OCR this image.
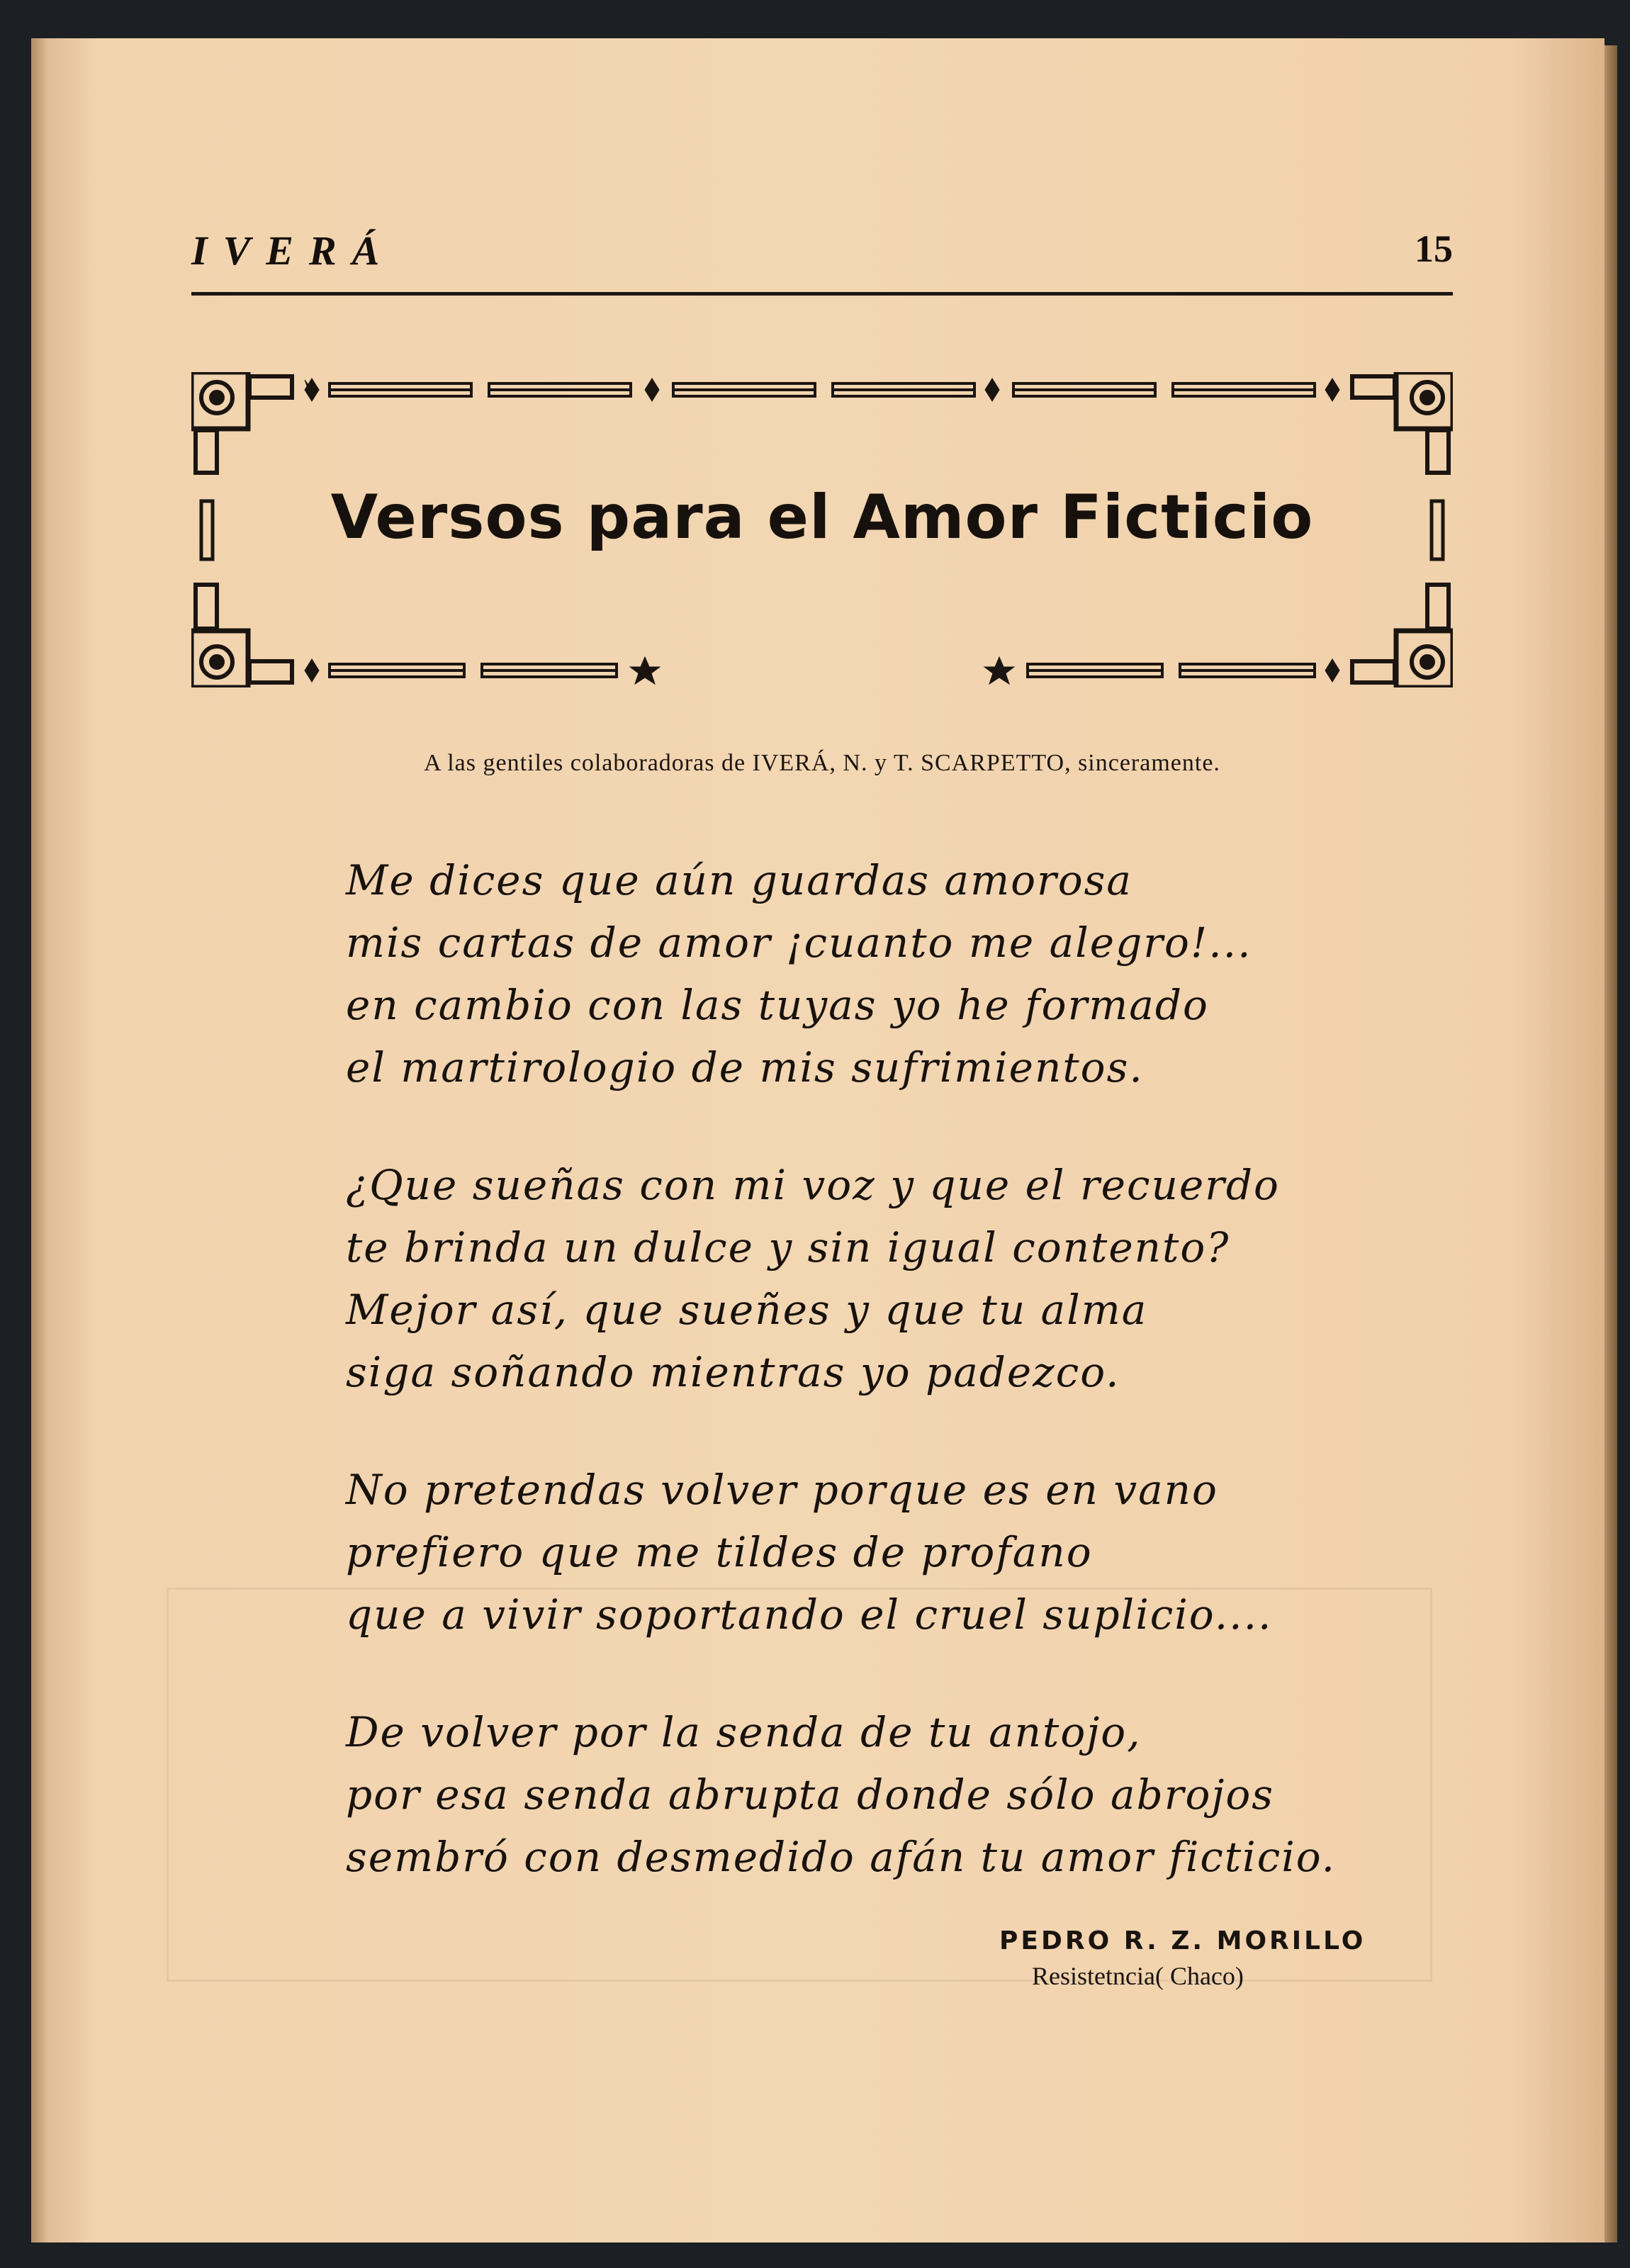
IVERÁ	15
Versos para el Amor Ficticio
A las gentiles colaboradoras de IVERÁ, N. y T. SCARPETTO, sinceramente.
Me dices que aún guardas amorosa
mis cartas de amor ¡cuanto me alegro!...
en cambio con las tuyas yo he formado
el martirologio de mis sufrimientos.
¿Que sueñas con mi voz y que el recuerdo
te brinda un dulce y sin igual contento?
Mejor así, que sueñes y que tu alma
siga soñando mientras yo padezco.
No pretendas volver porque es en vano
prefiero que me tildes de profano
que a vivir soportando el cruel suplicio....
De volver por la senda de tu antojo,
por esa senda abrupta donde sólo abrojos
sembró con desmedido afán tu amor ficticio.
PEDRO R. Z. MORILLO
Resistetncia( Chaco)
